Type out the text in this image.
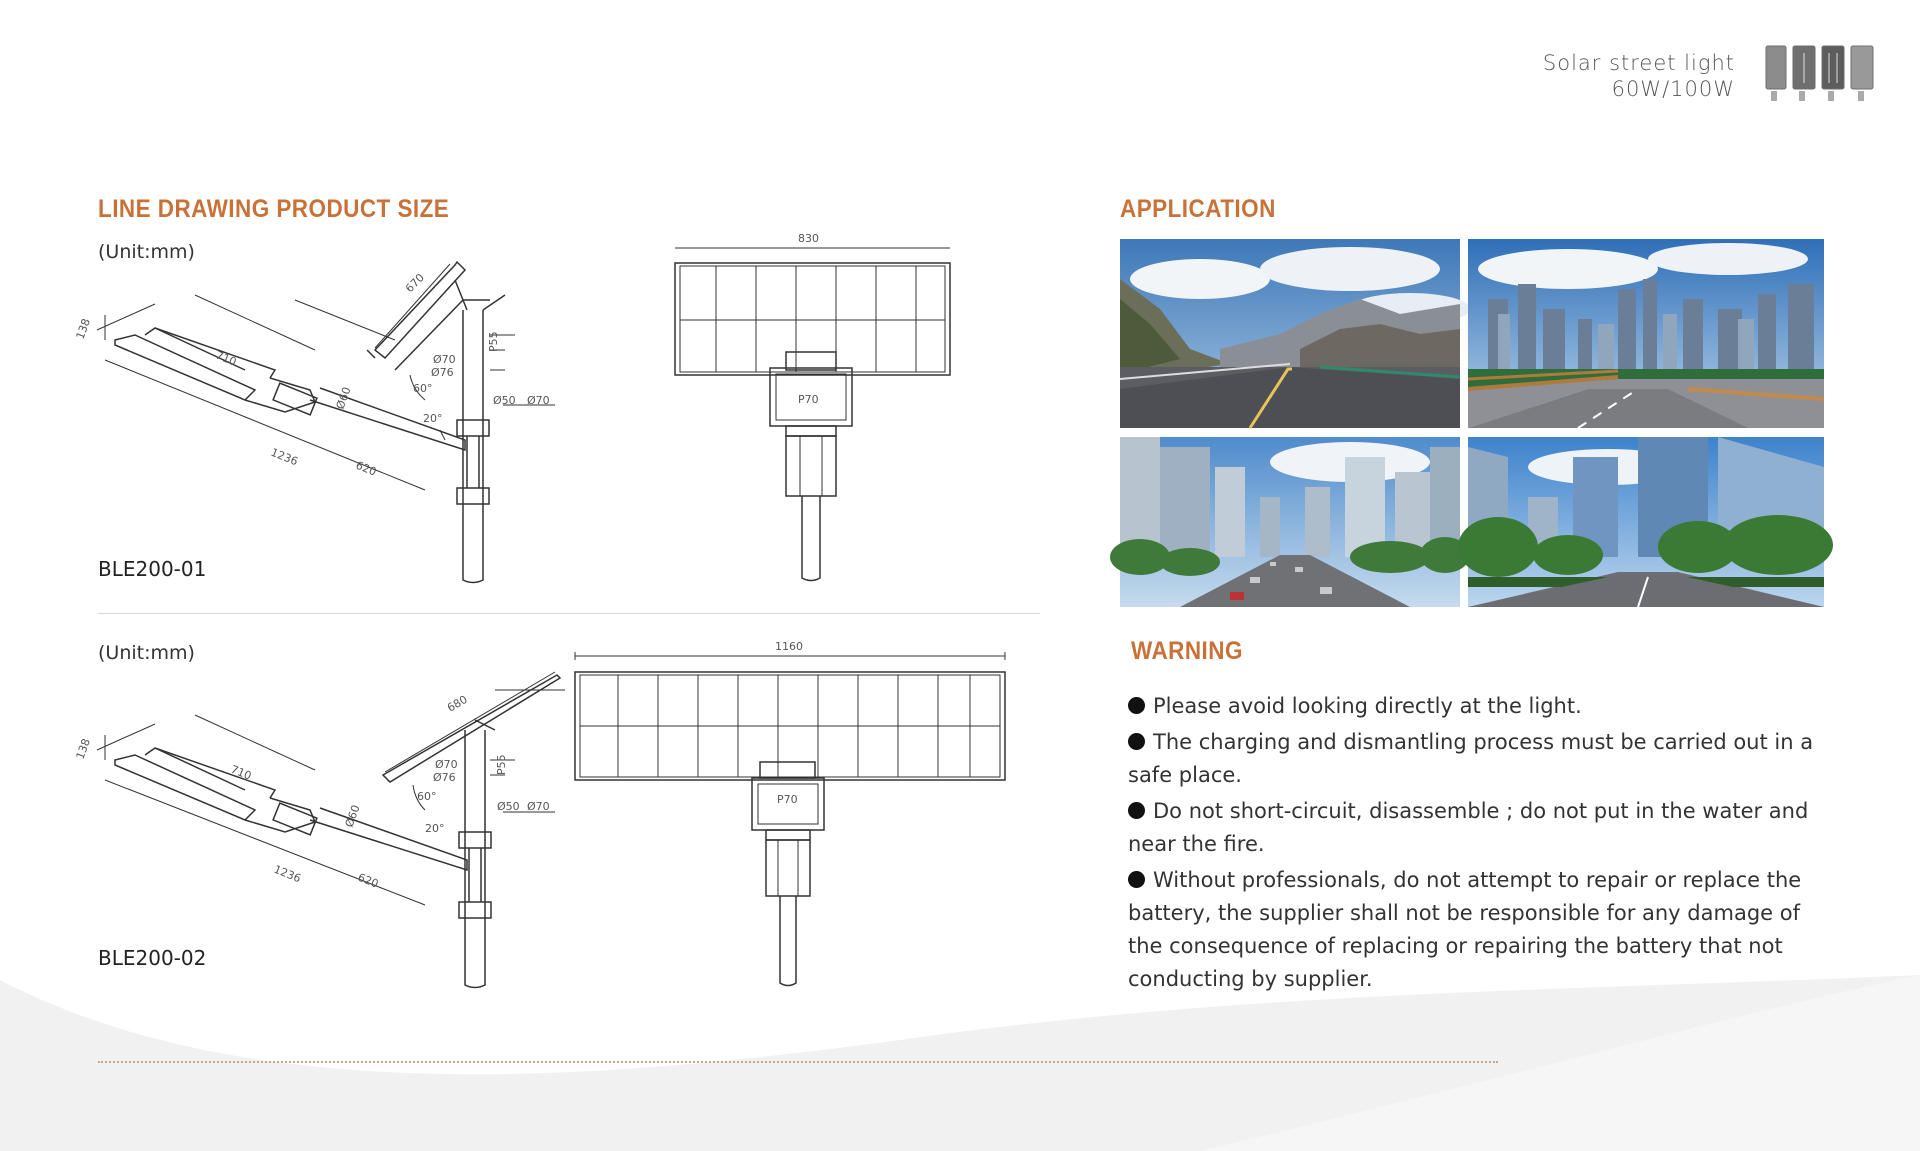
Solar street light
60W/100W
LINE DRAWING PRODUCT SIZE
(Unit:mm)
BLE200-01
710
1236
620
670
Ø70
Ø76
P55
Ø60	Ø50 Ø70
60°
20°
138
830
P70
(Unit:mm)
BLE200-02
710
1236	620
680
Ø70
Ø76
P55
Ø60	Ø50 Ø70
60°
20°
138
1160
P70
APPLICATION
WARNING

Please avoid looking directly at the light.

The charging and dismantling process must be carried out in a safe place.

Do not short-circuit, disassemble ; do not put in the water and near the fire.

Without professionals, do not attempt to repair or replace the battery, the supplier shall not be responsible for any damage of the consequence of replacing or repairing the battery that not conducting by supplier.
